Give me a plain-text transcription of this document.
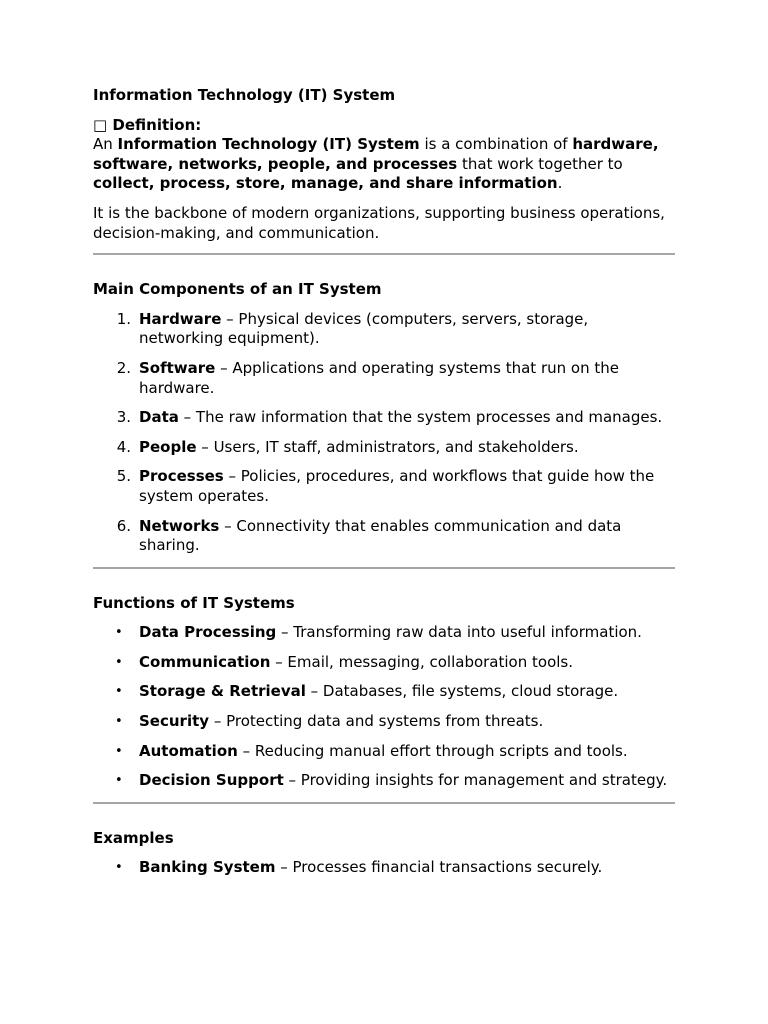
Information Technology (IT) System

□ Definition:

An Information Technology (IT) System is a combination of hardware, software, networks, people, and processes that work together to collect, process, store, manage, and share information.

It is the backbone of modern organizations, supporting business operations, decision-making, and communication.

Main Components of an IT System
1. Hardware – Physical devices (computers, servers, storage, networking equipment).
2. Software – Applications and operating systems that run on the hardware.
3. Data – The raw information that the system processes and manages.
4. People – Users, IT staff, administrators, and stakeholders.
5. Processes – Policies, procedures, and workflows that guide how the system operates.
6. Networks – Connectivity that enables communication and data sharing.
Functions of IT Systems
• Data Processing – Transforming raw data into useful information.
• Communication – Email, messaging, collaboration tools.
• Storage & Retrieval – Databases, file systems, cloud storage.
• Security – Protecting data and systems from threats.
• Automation – Reducing manual effort through scripts and tools.
• Decision Support – Providing insights for management and strategy.
Examples
• Banking System – Processes financial transactions securely.
